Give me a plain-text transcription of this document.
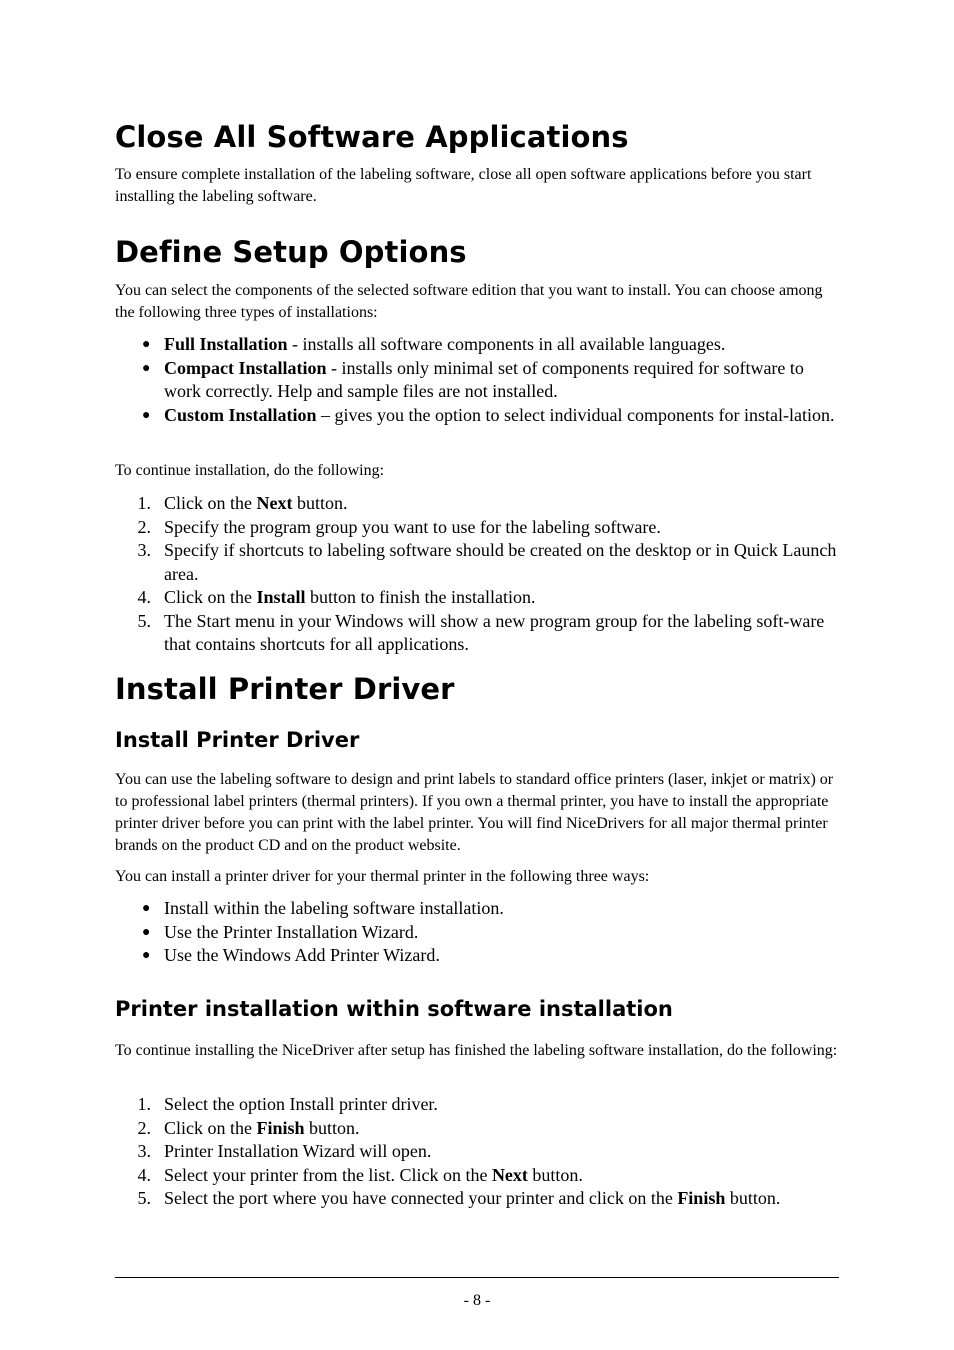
Close All Software Applications

To ensure complete installation of the labeling software, close all open software applications before you start installing the labeling software.

Define Setup Options

You can select the components of the selected software edition that you want to install. You can choose among the following three types of installations:

● Full Installation - installs all software components in all available languages.
● Compact Installation - installs only minimal set of components required for software to work correctly. Help and sample files are not installed.
● Custom Installation – gives you the option to select individual components for instal-lation.

To continue installation, do the following:

1. Click on the Next button.
2. Specify the program group you want to use for the labeling software.
3. Specify if shortcuts to labeling software should be created on the desktop or in Quick Launch area.
4. Click on the Install button to finish the installation.
5. The Start menu in your Windows will show a new program group for the labeling soft-ware that contains shortcuts for all applications.
Install Printer Driver
Install Printer Driver

You can use the labeling software to design and print labels to standard office printers (laser, inkjet or matrix) or to professional label printers (thermal printers). If you own a thermal printer, you have to install the appropriate printer driver before you can print with the label printer. You will find NiceDrivers for all major thermal printer brands on the product CD and on the product website.

You can install a printer driver for your thermal printer in the following three ways:

● Install within the labeling software installation.
● Use the Printer Installation Wizard.
● Use the Windows Add Printer Wizard.
Printer installation within software installation

To continue installing the NiceDriver after setup has finished the labeling software installation, do the following:

1. Select the option Install printer driver.
2. Click on the Finish button.
3. Printer Installation Wizard will open.
4. Select your printer from the list. Click on the Next button.
5. Select the port where you have connected your printer and click on the Finish button.
- 8 -
